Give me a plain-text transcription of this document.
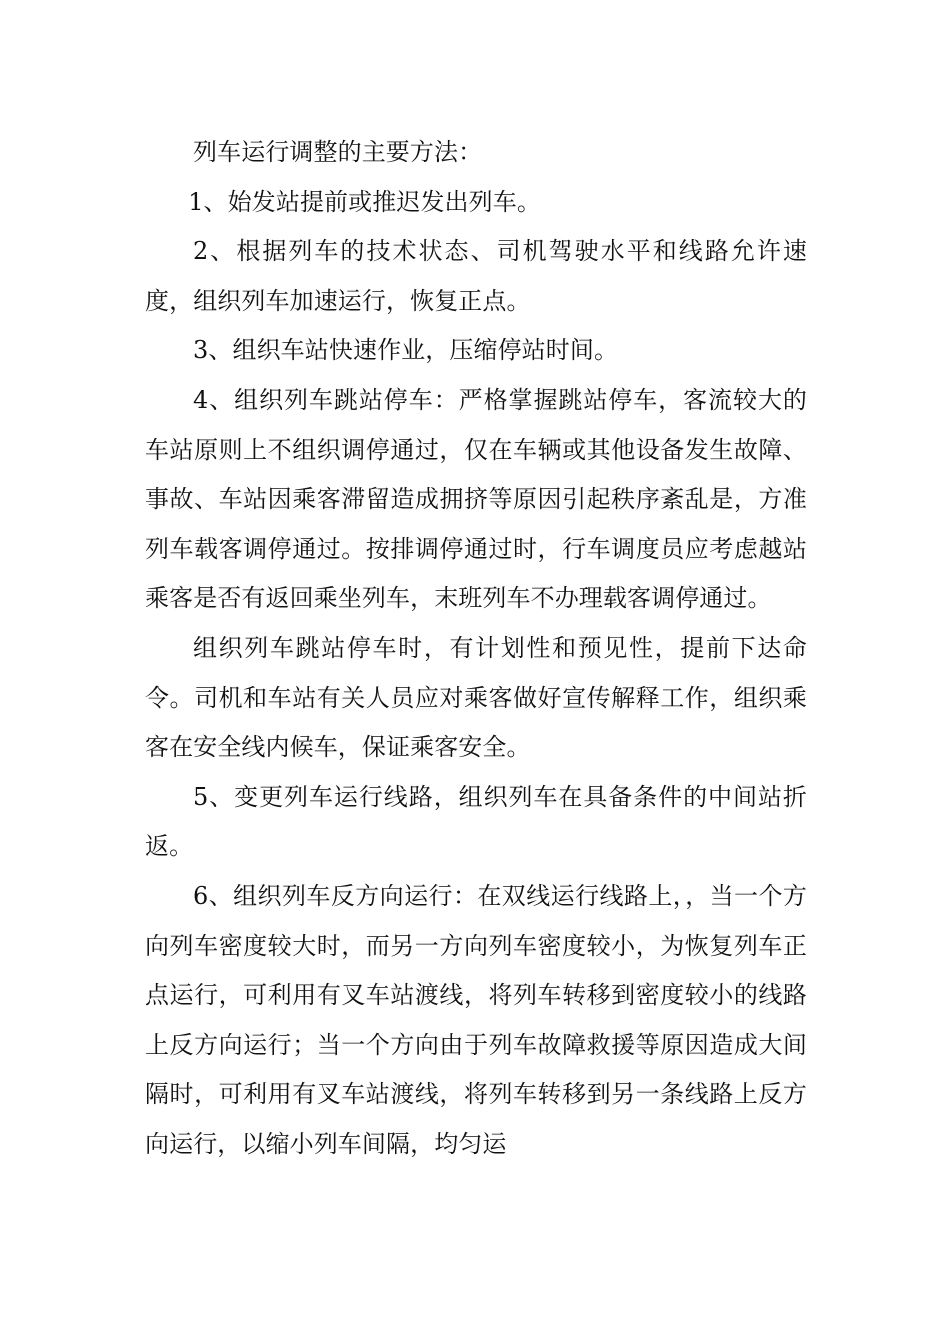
列车运行调整的主要方法：

1、始发站提前或推迟发出列车。

2、根据列车的技术状态、司机驾驶水平和线路允许速度，组织列车加速运行，恢复正点。

3、组织车站快速作业，压缩停站时间。

4、组织列车跳站停车：严格掌握跳站停车，客流较大的车站原则上不组织调停通过，仅在车辆或其他设备发生故障、事故、车站因乘客滞留造成拥挤等原因引起秩序紊乱是，方准列车载客调停通过。按排调停通过时，行车调度员应考虑越站乘客是否有返回乘坐列车，末班列车不办理载客调停通过。

组织列车跳站停车时，有计划性和预见性，提前下达命令。司机和车站有关人员应对乘客做好宣传解释工作，组织乘客在安全线内候车，保证乘客安全。

5、变更列车运行线路，组织列车在具备条件的中间站折返。

6、组织列车反方向运行：在双线运行线路上，，当一个方向列车密度较大时，而另一方向列车密度较小，为恢复列车正点运行，可利用有叉车站渡线，将列车转移到密度较小的线路上反方向运行；当一个方向由于列车故障救援等原因造成大间隔时，可利用有叉车站渡线，将列车转移到另一条线路上反方向运行，以缩小列车间隔，均匀运
